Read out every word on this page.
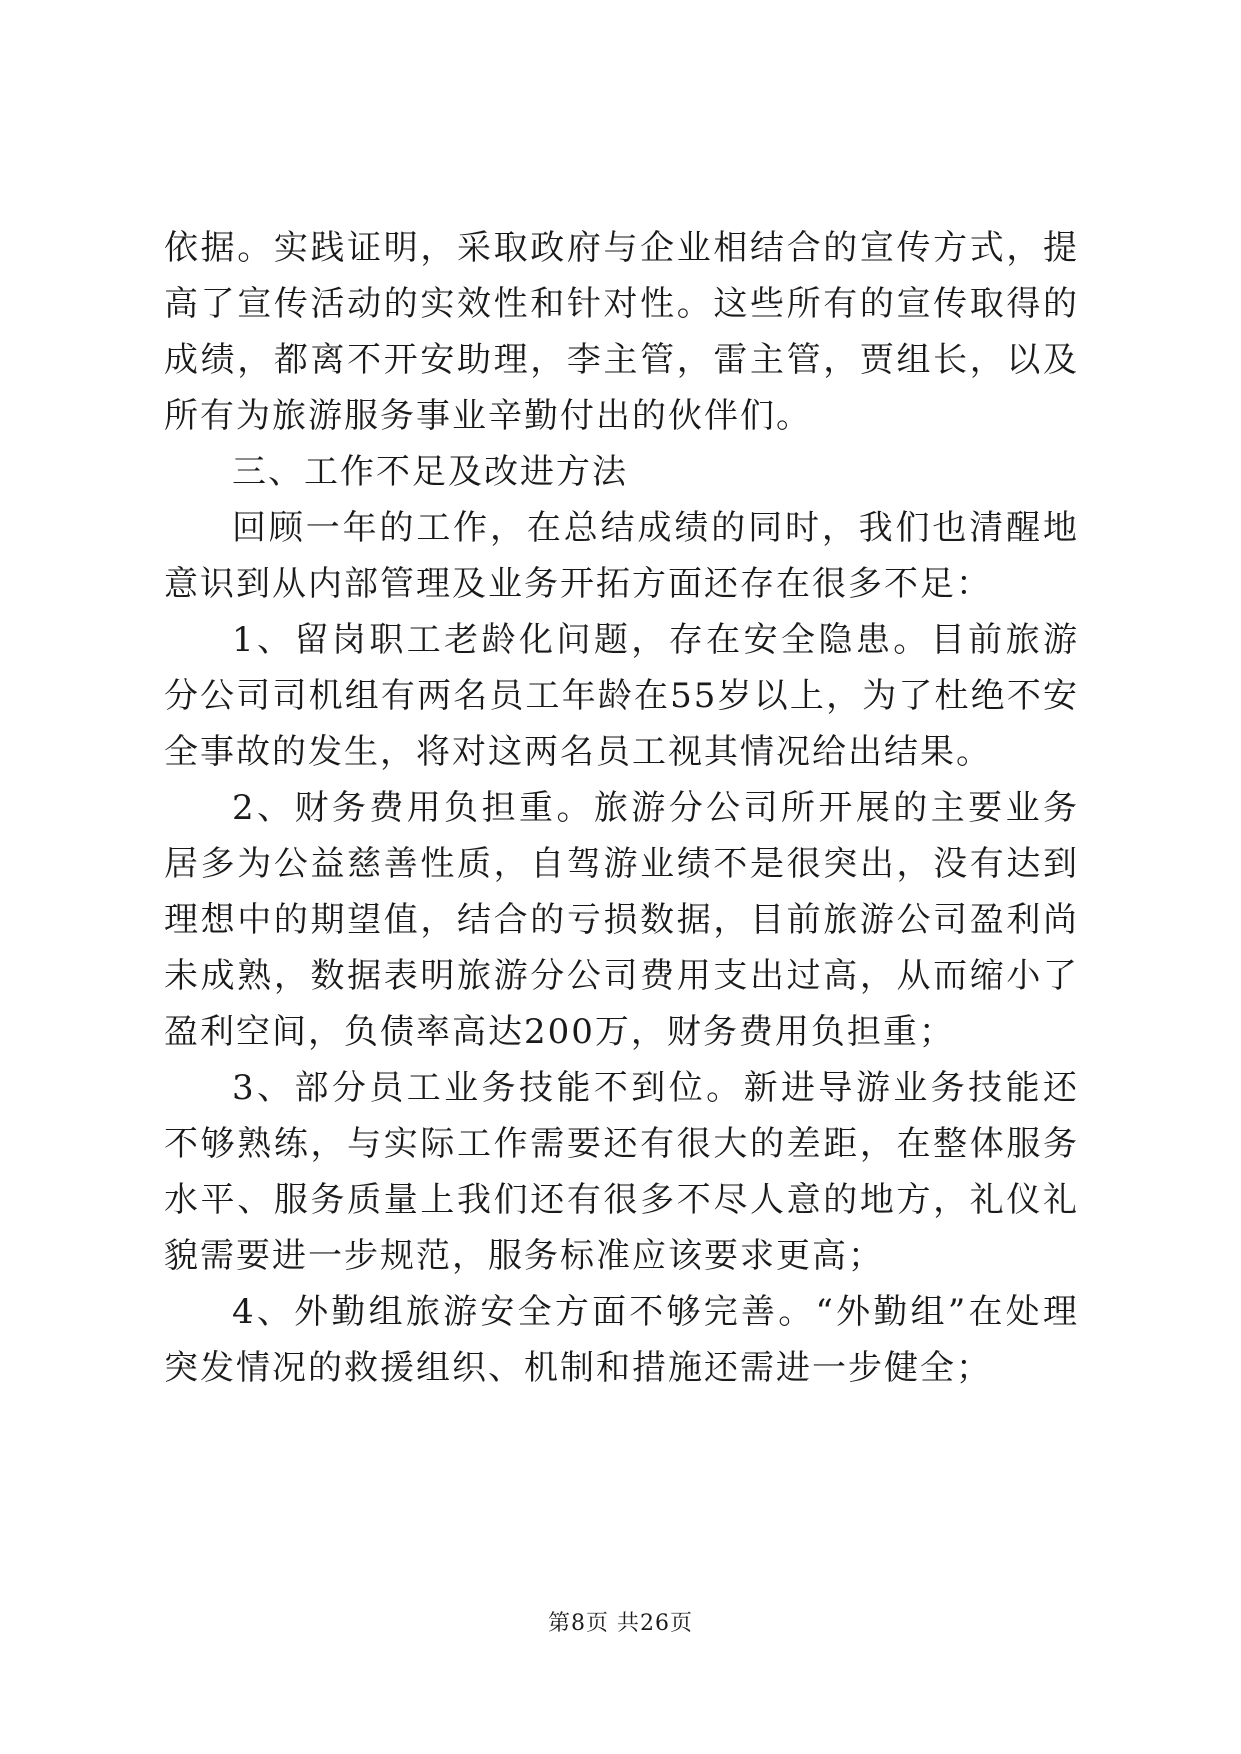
依据。实践证明，采取政府与企业相结合的宣传方式，提高了宣传活动的实效性和针对性。这些所有的宣传取得的成绩，都离不开安助理，李主管，雷主管，贾组长，以及所有为旅游服务事业辛勤付出的伙伴们。

三、工作不足及改进方法

回顾一年的工作，在总结成绩的同时，我们也清醒地意识到从内部管理及业务开拓方面还存在很多不足：

1、留岗职工老龄化问题，存在安全隐患。目前旅游分公司司机组有两名员工年龄在55岁以上，为了杜绝不安全事故的发生，将对这两名员工视其情况给出结果。

2、财务费用负担重。旅游分公司所开展的主要业务居多为公益慈善性质，自驾游业绩不是很突出，没有达到理想中的期望值，结合的亏损数据，目前旅游公司盈利尚未成熟，数据表明旅游分公司费用支出过高，从而缩小了盈利空间，负债率高达200万，财务费用负担重；

3、部分员工业务技能不到位。新进导游业务技能还不够熟练，与实际工作需要还有很大的差距，在整体服务水平、服务质量上我们还有很多不尽人意的地方，礼仪礼貌需要进一步规范，服务标准应该要求更高；

4、外勤组旅游安全方面不够完善。“外勤组”在处理突发情况的救援组织、机制和措施还需进一步健全；

第8页 共26页
